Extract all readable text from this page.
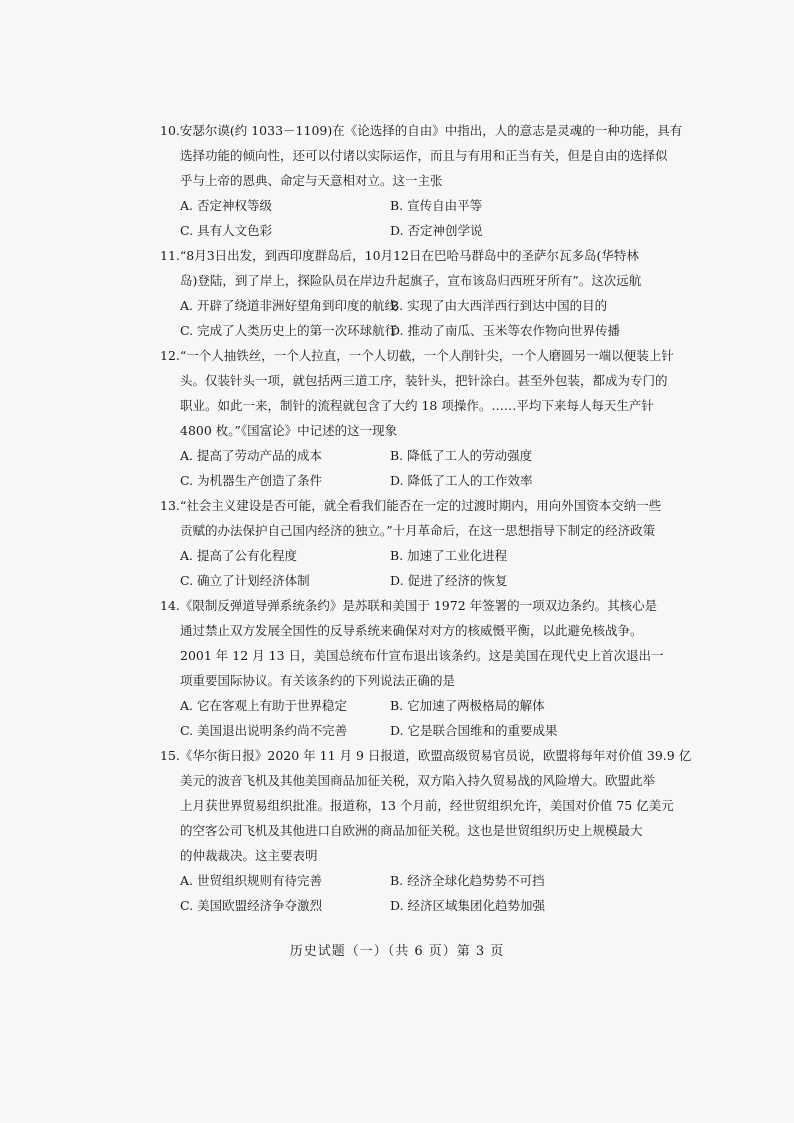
10.安瑟尔谟(约 1033－1109)在《论选择的自由》中指出，人的意志是灵魂的一种功能，具有
选择功能的倾向性，还可以付诸以实际运作，而且与有用和正当有关，但是自由的选择似
乎与上帝的恩典、命定与天意相对立。这一主张
A. 否定神权等级	B. 宣传自由平等
C. 具有人文色彩	D. 否定神创学说
11.“8月3日出发，到西印度群岛后，10月12日在巴哈马群岛中的圣萨尔瓦多岛(华特林
岛)登陆，到了岸上，探险队员在岸边升起旗子，宣布该岛归西班牙所有”。这次远航
A. 开辟了绕道非洲好望角到印度的航线
B. 实现了由大西洋西行到达中国的目的
C. 完成了人类历史上的第一次环球航行
D. 推动了南瓜、玉米等农作物向世界传播
12.“一个人抽铁丝，一个人拉直，一个人切截，一个人削针尖，一个人磨圆另一端以便装上针
头。仅装针头一项，就包括两三道工序，装针头，把针涂白。甚至外包装，都成为专门的
职业。如此一来，制针的流程就包含了大约 18 项操作。……平均下来每人每天生产针
4800 枚。”《国富论》中记述的这一现象
A. 提高了劳动产品的成本	B. 降低了工人的劳动强度
C. 为机器生产创造了条件	D. 降低了工人的工作效率
13.“社会主义建设是否可能，就全看我们能否在一定的过渡时期内，用向外国资本交纳一些
贡赋的办法保护自己国内经济的独立。”十月革命后，在这一思想指导下制定的经济政策
A. 提高了公有化程度	B. 加速了工业化进程
C. 确立了计划经济体制	D. 促进了经济的恢复
14.《限制反弹道导弹系统条约》是苏联和美国于 1972 年签署的一项双边条约。其核心是
通过禁止双方发展全国性的反导系统来确保对对方的核威慑平衡，以此避免核战争。
2001 年 12 月 13 日，美国总统布什宣布退出该条约。这是美国在现代史上首次退出一
项重要国际协议。有关该条约的下列说法正确的是
A. 它在客观上有助于世界稳定	B. 它加速了两极格局的解体
C. 美国退出说明条约尚不完善	D. 它是联合国维和的重要成果
15.《华尔街日报》2020 年 11 月 9 日报道，欧盟高级贸易官员说，欧盟将每年对价值 39.9 亿
美元的波音飞机及其他美国商品加征关税，双方陷入持久贸易战的风险增大。欧盟此举
上月获世界贸易组织批准。报道称，13 个月前，经世贸组织允许，美国对价值 75 亿美元
的空客公司飞机及其他进口自欧洲的商品加征关税。这也是世贸组织历史上规模最大
的仲裁裁决。这主要表明
A. 世贸组织规则有待完善	B. 经济全球化趋势势不可挡
C. 美国欧盟经济争夺激烈	D. 经济区域集团化趋势加强
历史试题（一）（共 6 页）第 3 页
